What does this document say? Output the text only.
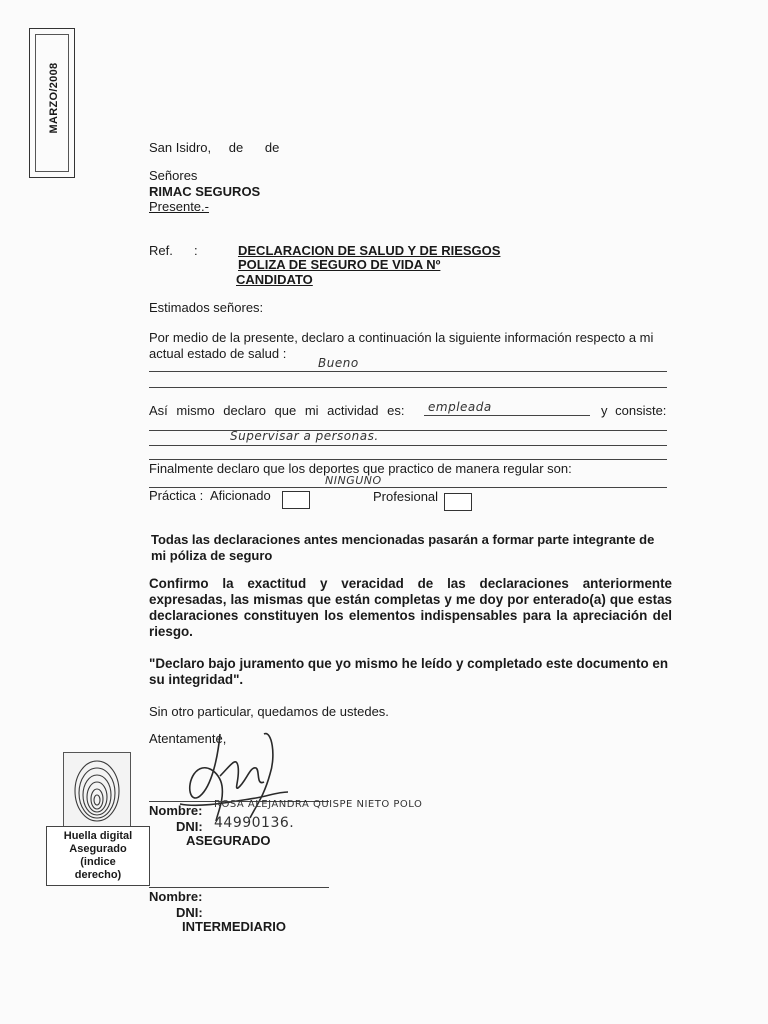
MARZO/2008
San Isidro, de de
Señores
RIMAC SEGUROS
Presente.-
Ref. :	DECLARACION DE SALUD Y DE RIESGOS
POLIZA DE SEGURO DE VIDA Nº
CANDIDATO
Estimados señores:
Por medio de la presente, declaro a continuación la siguiente información respecto a mi actual estado de salud :
Bueno
Así mismo declaro que mi actividad es: empleada	y consiste:
Supervisar a personas.
Finalmente declaro que los deportes que practico de manera regular son:
NINGUNO
Práctica : Aficionado	Profesional
Todas las declaraciones antes mencionadas pasarán a formar parte integrante de mi póliza de seguro
Confirmo la exactitud y veracidad de las declaraciones anteriormente expresadas, las mismas que están completas y me doy por enterado(a) que estas declaraciones constituyen los elementos indispensables para la apreciación del riesgo.
"Declaro bajo juramento que yo mismo he leído y completado este documento en su integridad".
Sin otro particular, quedamos de ustedes.
Atentamente,
Huella digital
Asegurado
(indice
derecho)
Nombre: ROSA ALEJANDRA QUISPE NIETO POLO
DNI: 44990136.
ASEGURADO
Nombre:
DNI:
INTERMEDIARIO
